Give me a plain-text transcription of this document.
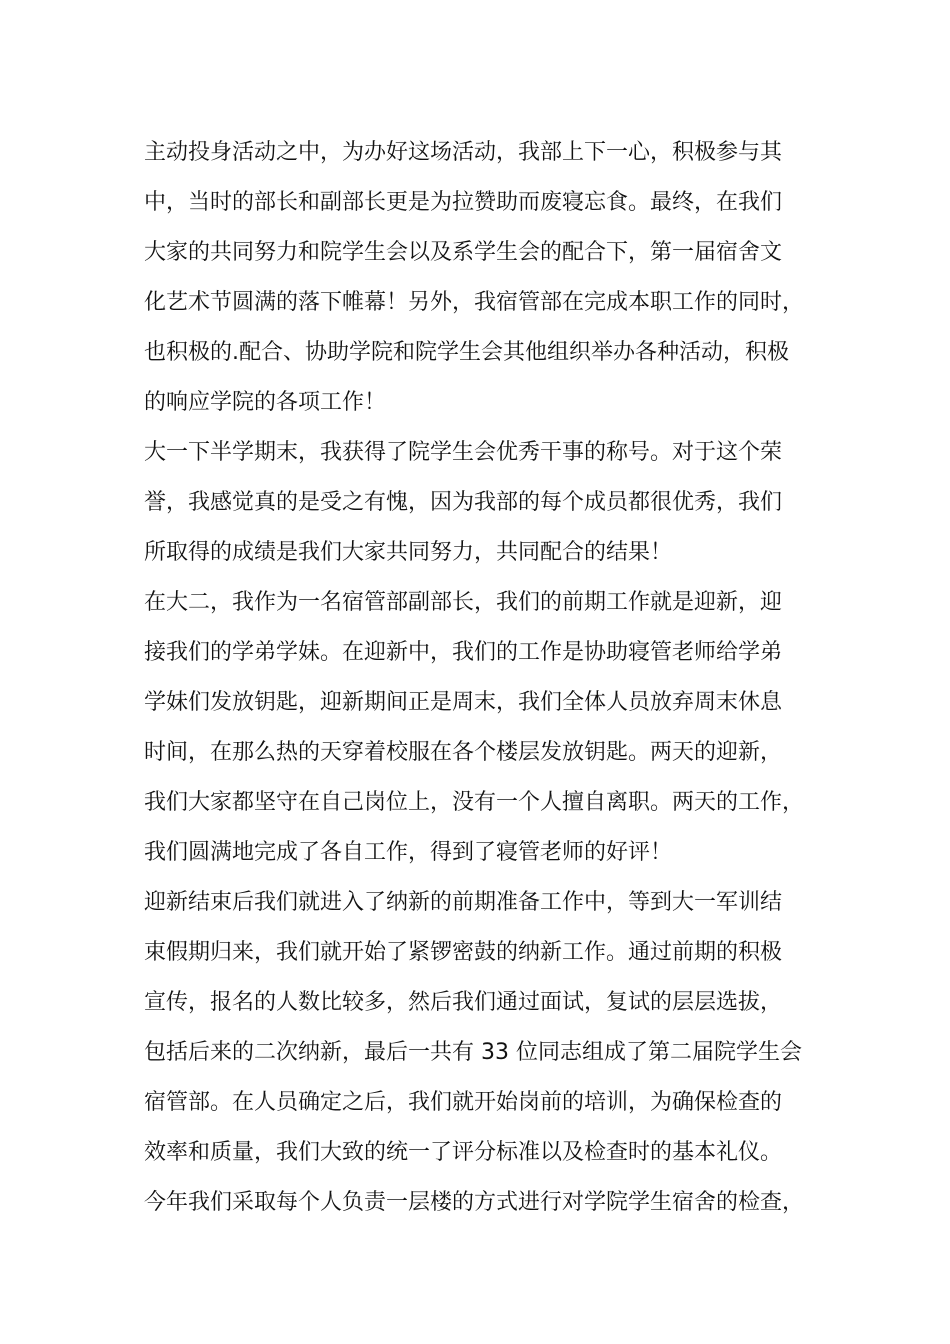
主动投身活动之中，为办好这场活动，我部上下一心，积极参与其
中，当时的部长和副部长更是为拉赞助而废寝忘食。最终，在我们
大家的共同努力和院学生会以及系学生会的配合下，第一届宿舍文
化艺术节圆满的落下帷幕！另外，我宿管部在完成本职工作的同时，
也积极的.配合、协助学院和院学生会其他组织举办各种活动，积极
的响应学院的各项工作！
大一下半学期末，我获得了院学生会优秀干事的称号。对于这个荣
誉，我感觉真的是受之有愧，因为我部的每个成员都很优秀，我们
所取得的成绩是我们大家共同努力，共同配合的结果！
在大二，我作为一名宿管部副部长，我们的前期工作就是迎新，迎
接我们的学弟学妹。在迎新中，我们的工作是协助寝管老师给学弟
学妹们发放钥匙，迎新期间正是周末，我们全体人员放弃周末休息
时间，在那么热的天穿着校服在各个楼层发放钥匙。两天的迎新，
我们大家都坚守在自己岗位上，没有一个人擅自离职。两天的工作，
我们圆满地完成了各自工作，得到了寝管老师的好评！
迎新结束后我们就进入了纳新的前期准备工作中，等到大一军训结
束假期归来，我们就开始了紧锣密鼓的纳新工作。通过前期的积极
宣传，报名的人数比较多，然后我们通过面试，复试的层层选拔，
包括后来的二次纳新，最后一共有 33 位同志组成了第二届院学生会
宿管部。在人员确定之后，我们就开始岗前的培训，为确保检查的
效率和质量，我们大致的统一了评分标准以及检查时的基本礼仪。
今年我们采取每个人负责一层楼的方式进行对学院学生宿舍的检查，
